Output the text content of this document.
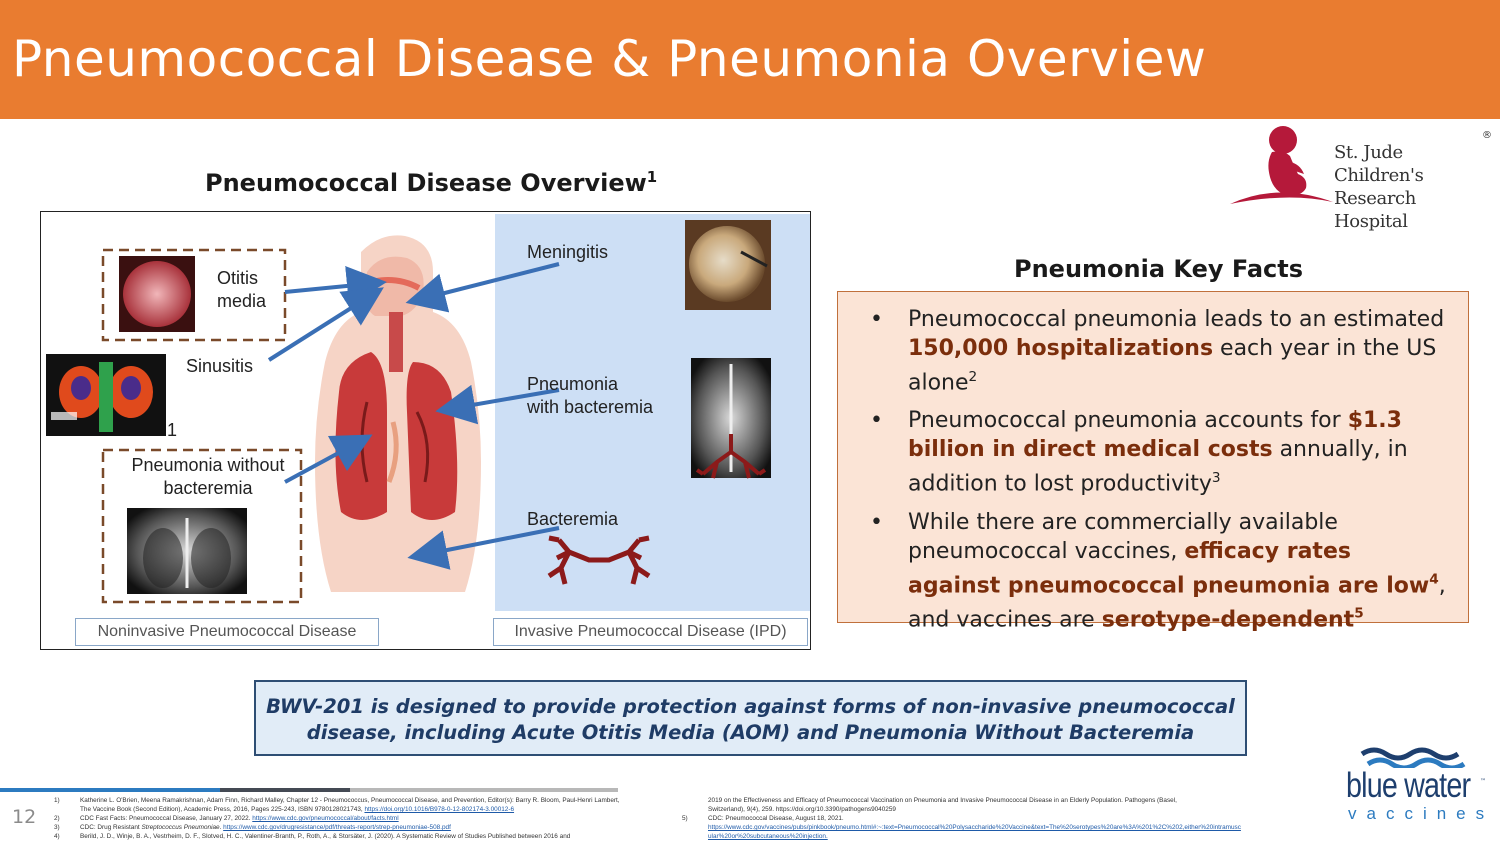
Pneumococcal Disease & Pneumonia Overview
St. Jude Children's
Research Hospital
®
Pneumococcal Disease Overview$^1$
Otitis
media
Sinusitis
1
Pneumonia without
bacteremia
Meningitis
Pneumonia
with bacteremia
Bacteremia
Noninvasive Pneumococcal Disease	Invasive Pneumococcal Disease (IPD)
Pneumonia Key Facts
• Pneumococcal pneumonia leads to an estimated 150,000 hospitalizations each year in the US alone$^2$
• Pneumococcal pneumonia accounts for $1.3 billion in direct medical costs annually, in addition to lost productivity$^3$
• While there are commercially available pneumococcal vaccines, efficacy rates against pneumococcal pneumonia are low$^4$, and vaccines are serotype-dependent$^5$
BWV-201 is designed to provide protection against forms of non-invasive pneumococcal
disease, including Acute Otitis Media (AOM) and Pneumonia Without Bacteremia
12
1)	Katherine L. O'Brien, Meena Ramakrishnan, Adam Finn, Richard Malley, Chapter 12 - Pneumococcus, Pneumococcal Disease, and Prevention, Editor(s): Barry R. Bloom, Paul-Henri Lambert,
The Vaccine Book (Second Edition), Academic Press, 2016, Pages 225-243, ISBN 9780128021743, https://doi.org/10.1016/B978-0-12-802174-3.00012-6
2)	CDC Fast Facts: Pneumococcal Disease, January 27, 2022. https://www.cdc.gov/pneumococcal/about/facts.html
3)	CDC: Drug Resistant Streptococcus Pneumoniae. https://www.cdc.gov/drugresistance/pdf/threats-report/strep-pneumoniae-508.pdf
4)	Berild, J. D., Winje, B. A., Vestrheim, D. F., Slotved, H. C., Valentiner-Branth, P., Roth, A., & Storsäter, J. (2020). A Systematic Review of Studies Published between 2016 and
2019 on the Effectiveness and Efficacy of Pneumococcal Vaccination on Pneumonia and Invasive Pneumococcal Disease in an Elderly Population. Pathogens (Basel,
Switzerland), 9(4), 259. https://doi.org/10.3390/pathogens9040259
5)	CDC: Pneumococcal Disease, August 18, 2021.
https://www.cdc.gov/vaccines/pubs/pinkbook/pneumo.html#:~:text=Pneumococcal%20Polysaccharide%20Vaccine&text=The%20serotypes%20are%3A%201%2C%202,either%20intramusc
ular%20or%20subcutaneous%20injection.
blue water ™
vaccines
